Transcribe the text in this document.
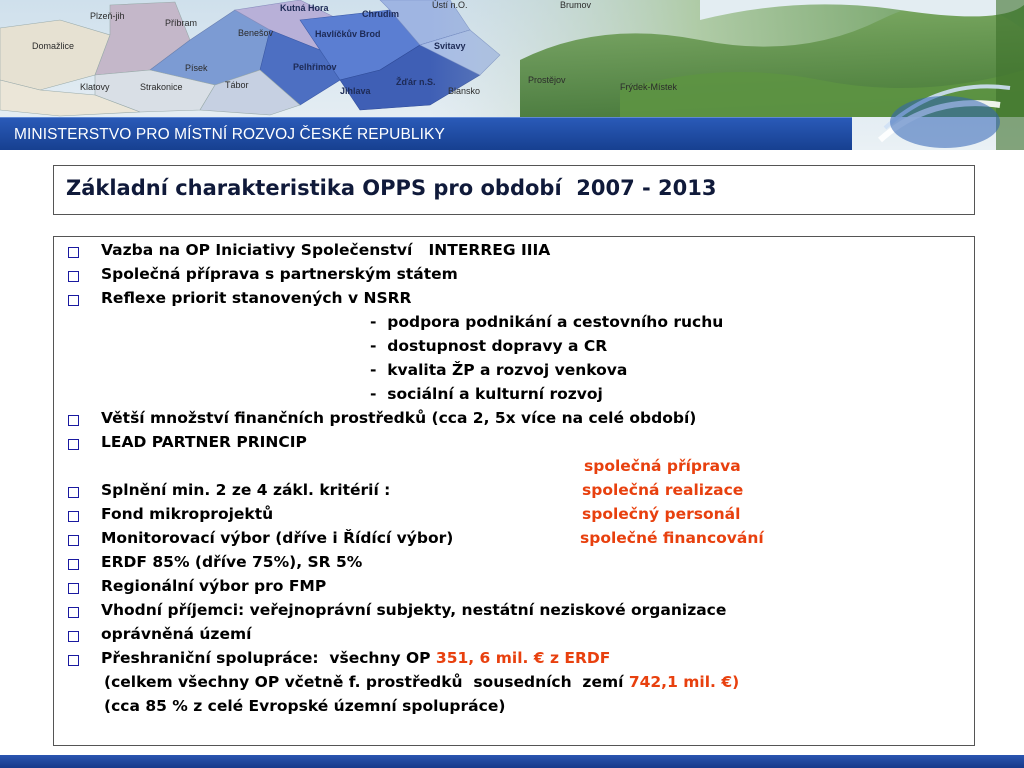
Plzeň-jih
Příbram
Kutná Hora
Chrudim
Ústí n.O.	Brumov
Domažlice
Benešov	Havlíčkův Brod
Svitavy
Písek	Pelhřimov
Klatovy	Strakonice	Tábor	Žďár n.S.	Prostějov
Jihlava	Blansko	Frýdek-Místek
MINISTERSTVO PRO MÍSTNÍ ROZVOJ ČESKÉ REPUBLIKY
Základní charakteristika OPPS pro období  2007 - 2013

Vazba na OP Iniciativy Společenství   INTERREG IIIA

Společná příprava s partnerským státem

Reflexe priorit stanovených v NSRR

-  podpora podnikání a cestovního ruchu

-  dostupnost dopravy a CR

-  kvalita ŽP a rozvoj venkova

-  sociální a kulturní rozvoj

Větší množství finančních prostředků (cca 2, 5x více na celé období)

LEAD PARTNER PRINCIP

společná příprava

Splnění min. 2 ze 4 zákl. kritérií :

	společná realizace

Fond mikroprojektů

	společný personál

Monitorovací výbor (dříve i Řídící výbor)

	společné financování

ERDF 85% (dříve 75%), SR 5%

Regionální výbor pro FMP

Vhodní příjemci: veřejnoprávní subjekty, nestátní neziskové organizace

oprávněná území

Přeshraniční spolupráce:  všechny OP 351, 6 mil. € z ERDF

(celkem všechny OP včetně f. prostředků  sousedních  zemí 742,1 mil. €)

(cca 85 % z celé Evropské územní spolupráce)
